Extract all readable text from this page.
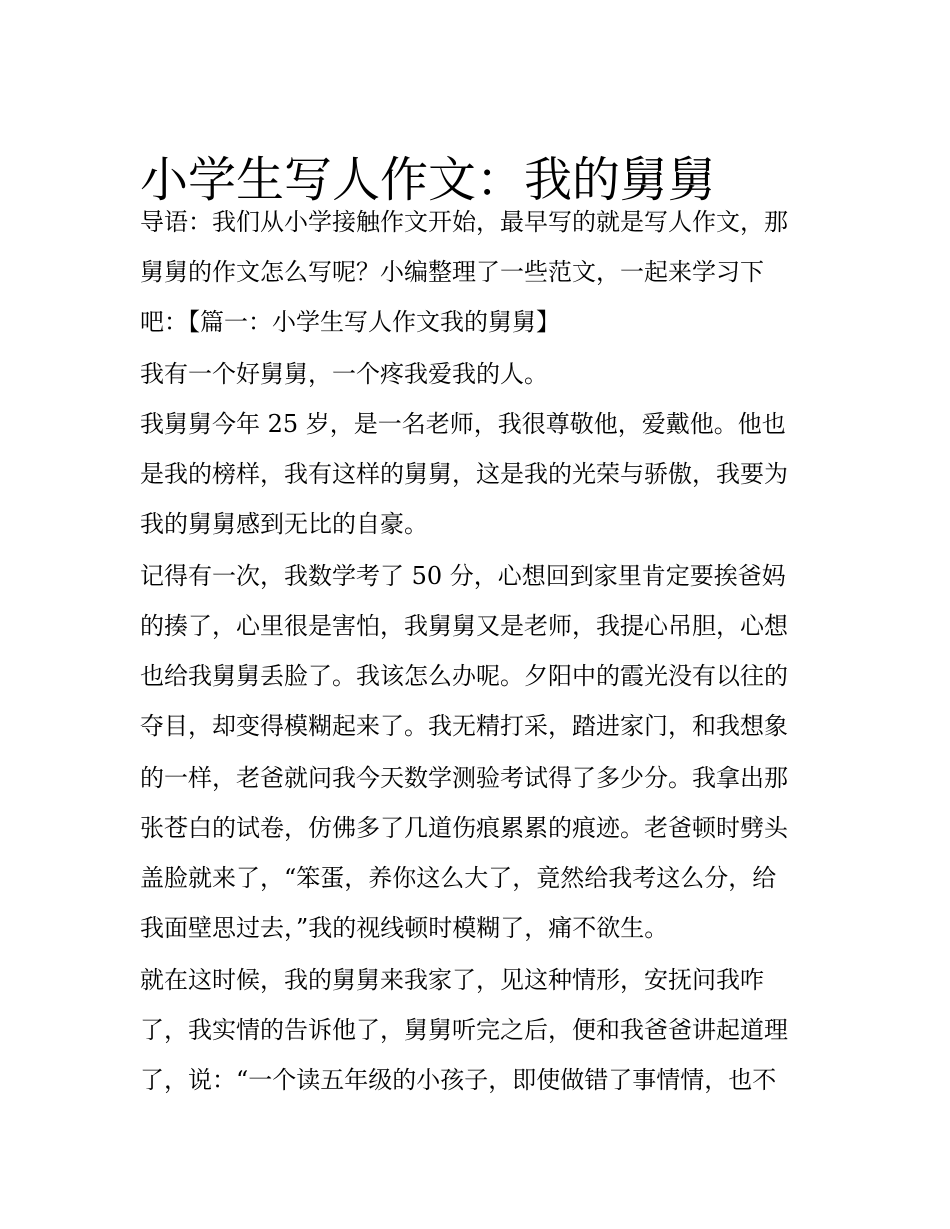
小学生写人作文：我的舅舅
导语：我们从小学接触作文开始，最早写的就是写人作文，那
舅舅的作文怎么写呢？小编整理了一些范文，一起来学习下
吧：【篇一：小学生写人作文我的舅舅】
我有一个好舅舅，一个疼我爱我的人。
我舅舅今年 25 岁，是一名老师，我很尊敬他，爱戴他。他也
是我的榜样，我有这样的舅舅，这是我的光荣与骄傲，我要为
我的舅舅感到无比的自豪。
记得有一次，我数学考了 50 分，心想回到家里肯定要挨爸妈
的揍了，心里很是害怕，我舅舅又是老师，我提心吊胆，心想
也给我舅舅丢脸了。我该怎么办呢。夕阳中的霞光没有以往的
夺目，却变得模糊起来了。我无精打采，踏进家门，和我想象
的一样，老爸就问我今天数学测验考试得了多少分。我拿出那
张苍白的试卷，仿佛多了几道伤痕累累的痕迹。老爸顿时劈头
盖脸就来了，“笨蛋，养你这么大了，竟然给我考这么分，给
我面壁思过去，”我的视线顿时模糊了，痛不欲生。
就在这时候，我的舅舅来我家了，见这种情形，安抚问我咋
了，我实情的告诉他了，舅舅听完之后，便和我爸爸讲起道理
了，说：“一个读五年级的小孩子，即使做错了事情情，也不
